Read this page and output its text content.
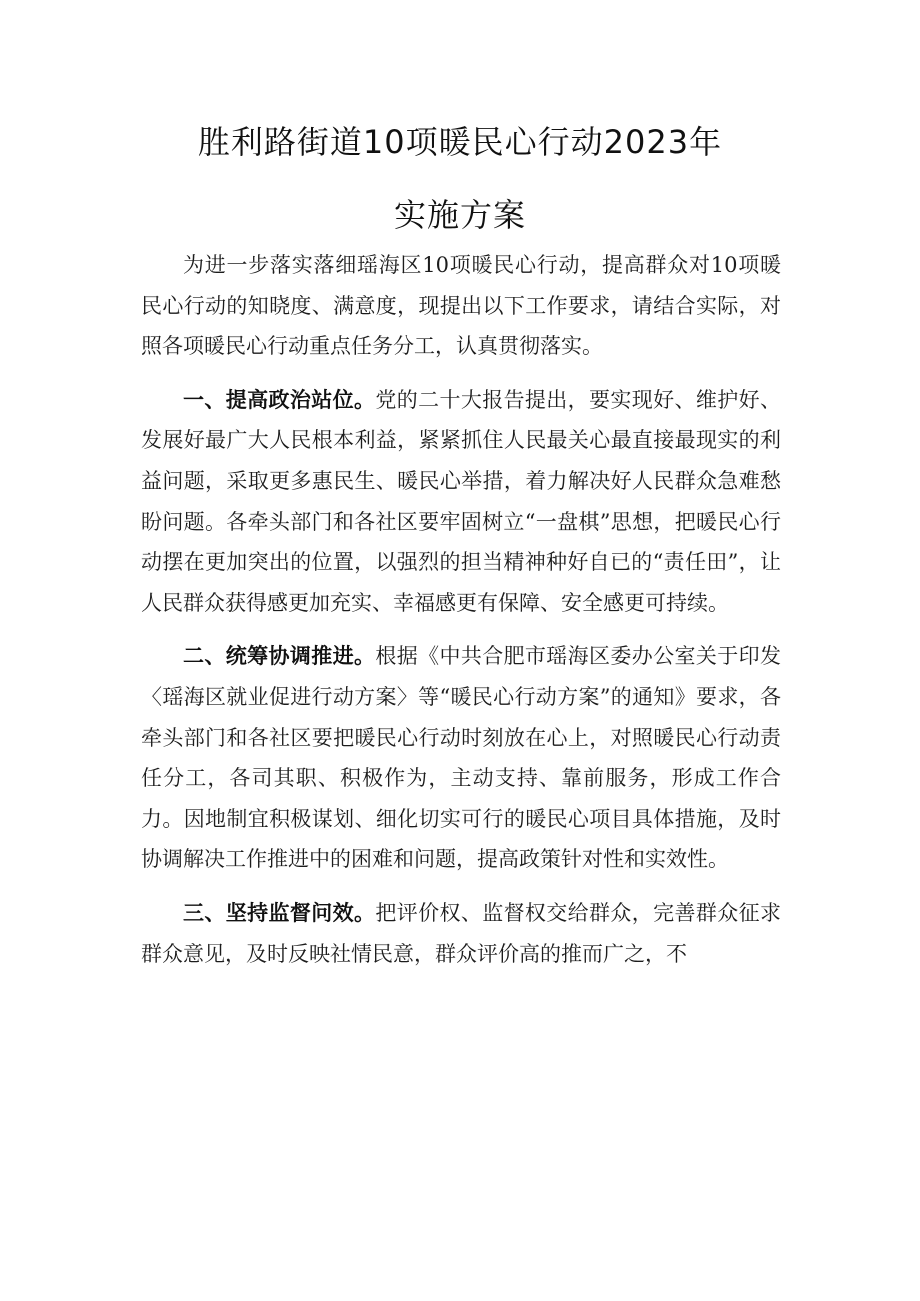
胜利路街道10项暖民心行动2023年
实施方案

为进一步落实落细瑶海区10项暖民心行动，提高群众对10项暖民心行动的知晓度、满意度，现提出以下工作要求，请结合实际，对照各项暖民心行动重点任务分工，认真贯彻落实。

一、提高政治站位。党的二十大报告提出，要实现好、维护好、发展好最广大人民根本利益，紧紧抓住人民最关心最直接最现实的利益问题，采取更多惠民生、暖民心举措，着力解决好人民群众急难愁盼问题。各牵头部门和各社区要牢固树立“一盘棋”思想，把暖民心行动摆在更加突出的位置，以强烈的担当精神种好自已的“责任田”，让人民群众获得感更加充实、幸福感更有保障、安全感更可持续。

二、统筹协调推进。根据《中共合肥市瑶海区委办公室关于印发〈瑶海区就业促进行动方案〉等“暖民心行动方案”的通知》要求，各牵头部门和各社区要把暖民心行动时刻放在心上，对照暖民心行动责任分工，各司其职、积极作为，主动支持、靠前服务，形成工作合力。因地制宜积极谋划、细化切实可行的暖民心项目具体措施，及时协调解决工作推进中的困难和问题，提高政策针对性和实效性。

三、坚持监督问效。把评价权、监督权交给群众，完善群众征求群众意见，及时反映社情民意，群众评价高的推而广之，不
